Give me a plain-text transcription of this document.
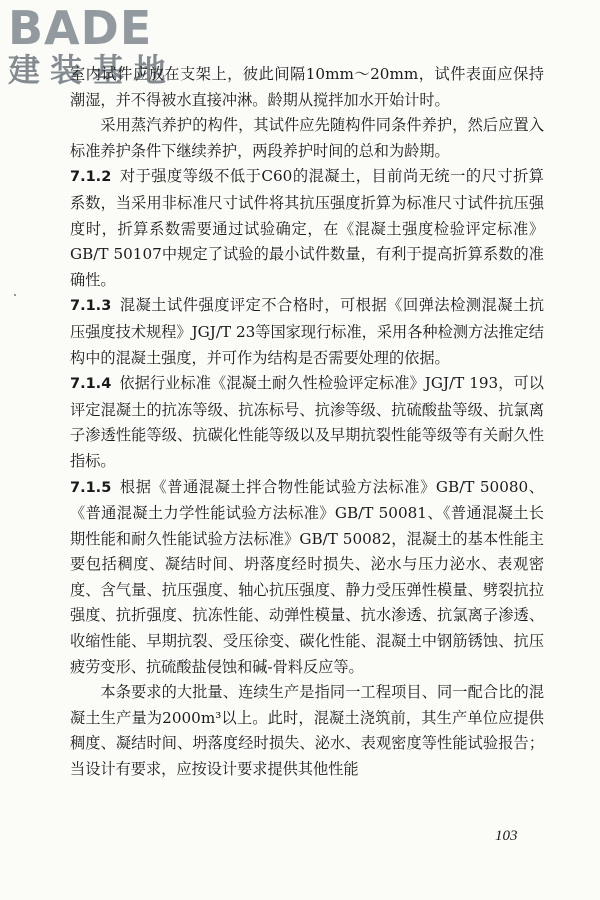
BADE
建装基地

室内试件应放在支架上，彼此间隔10mm～20mm，试件表面应保持潮湿，并不得被水直接冲淋。龄期从搅拌加水开始计时。

采用蒸汽养护的构件，其试件应先随构件同条件养护，然后应置入标准养护条件下继续养护，两段养护时间的总和为龄期。

7.1.2 对于强度等级不低于C60的混凝土，目前尚无统一的尺寸折算系数，当采用非标准尺寸试件将其抗压强度折算为标准尺寸试件抗压强度时，折算系数需要通过试验确定，在《混凝土强度检验评定标准》GB/T 50107中规定了试验的最小试件数量，有利于提高折算系数的准确性。

7.1.3 混凝土试件强度评定不合格时，可根据《回弹法检测混凝土抗压强度技术规程》JGJ/T 23等国家现行标准，采用各种检测方法推定结构中的混凝土强度，并可作为结构是否需要处理的依据。

7.1.4 依据行业标准《混凝土耐久性检验评定标准》JGJ/T 193，可以评定混凝土的抗冻等级、抗冻标号、抗渗等级、抗硫酸盐等级、抗氯离子渗透性能等级、抗碳化性能等级以及早期抗裂性能等级等有关耐久性指标。

7.1.5 根据《普通混凝土拌合物性能试验方法标准》GB/T 50080、《普通混凝土力学性能试验方法标准》GB/T 50081、《普通混凝土长期性能和耐久性能试验方法标准》GB/T 50082，混凝土的基本性能主要包括稠度、凝结时间、坍落度经时损失、泌水与压力泌水、表观密度、含气量、抗压强度、轴心抗压强度、静力受压弹性模量、劈裂抗拉强度、抗折强度、抗冻性能、动弹性模量、抗水渗透、抗氯离子渗透、收缩性能、早期抗裂、受压徐变、碳化性能、混凝土中钢筋锈蚀、抗压疲劳变形、抗硫酸盐侵蚀和碱-骨料反应等。

本条要求的大批量、连续生产是指同一工程项目、同一配合比的混凝土生产量为2000m³以上。此时，混凝土浇筑前，其生产单位应提供稠度、凝结时间、坍落度经时损失、泌水、表观密度等性能试验报告；当设计有要求，应按设计要求提供其他性能

103
